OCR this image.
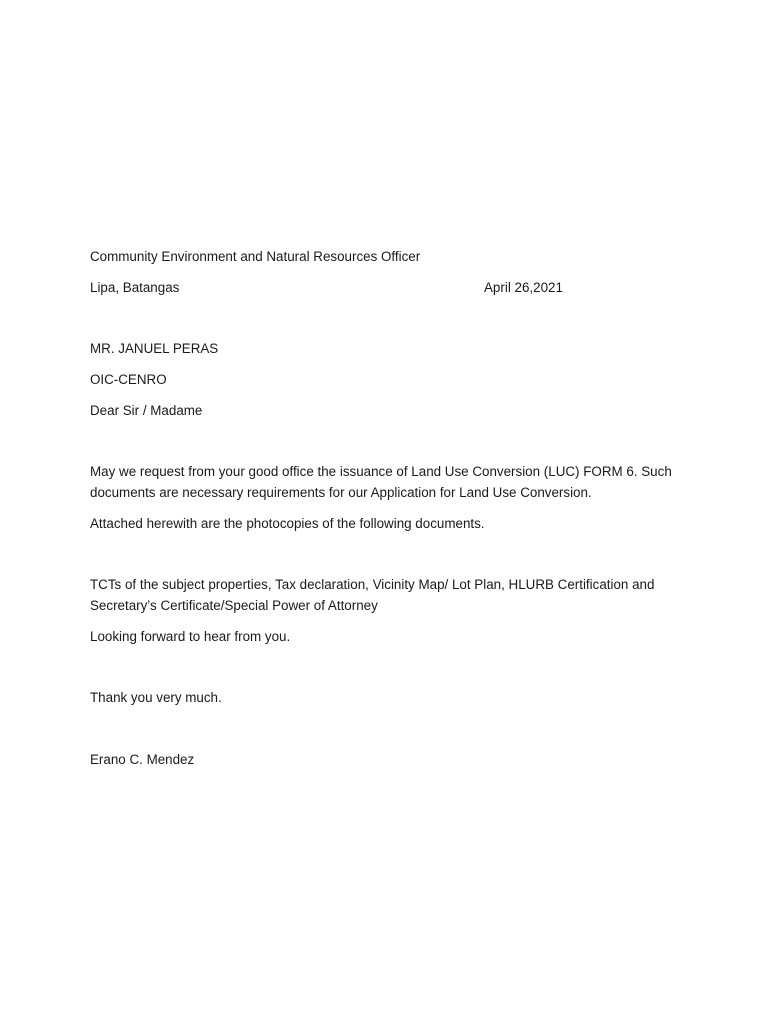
Community Environment and Natural Resources Officer
Lipa, Batangas	April 26,2021
MR. JANUEL PERAS
OIC-CENRO
Dear Sir / Madame
May we request from your good office the issuance of Land Use Conversion (LUC) FORM 6. Such
documents are necessary requirements for our Application for Land Use Conversion.
Attached herewith are the photocopies of the following documents.
TCTs of the subject properties, Tax declaration, Vicinity Map/ Lot Plan, HLURB Certification and
Secretary’s Certificate/Special Power of Attorney
Looking forward to hear from you.
Thank you very much.
Erano C. Mendez
